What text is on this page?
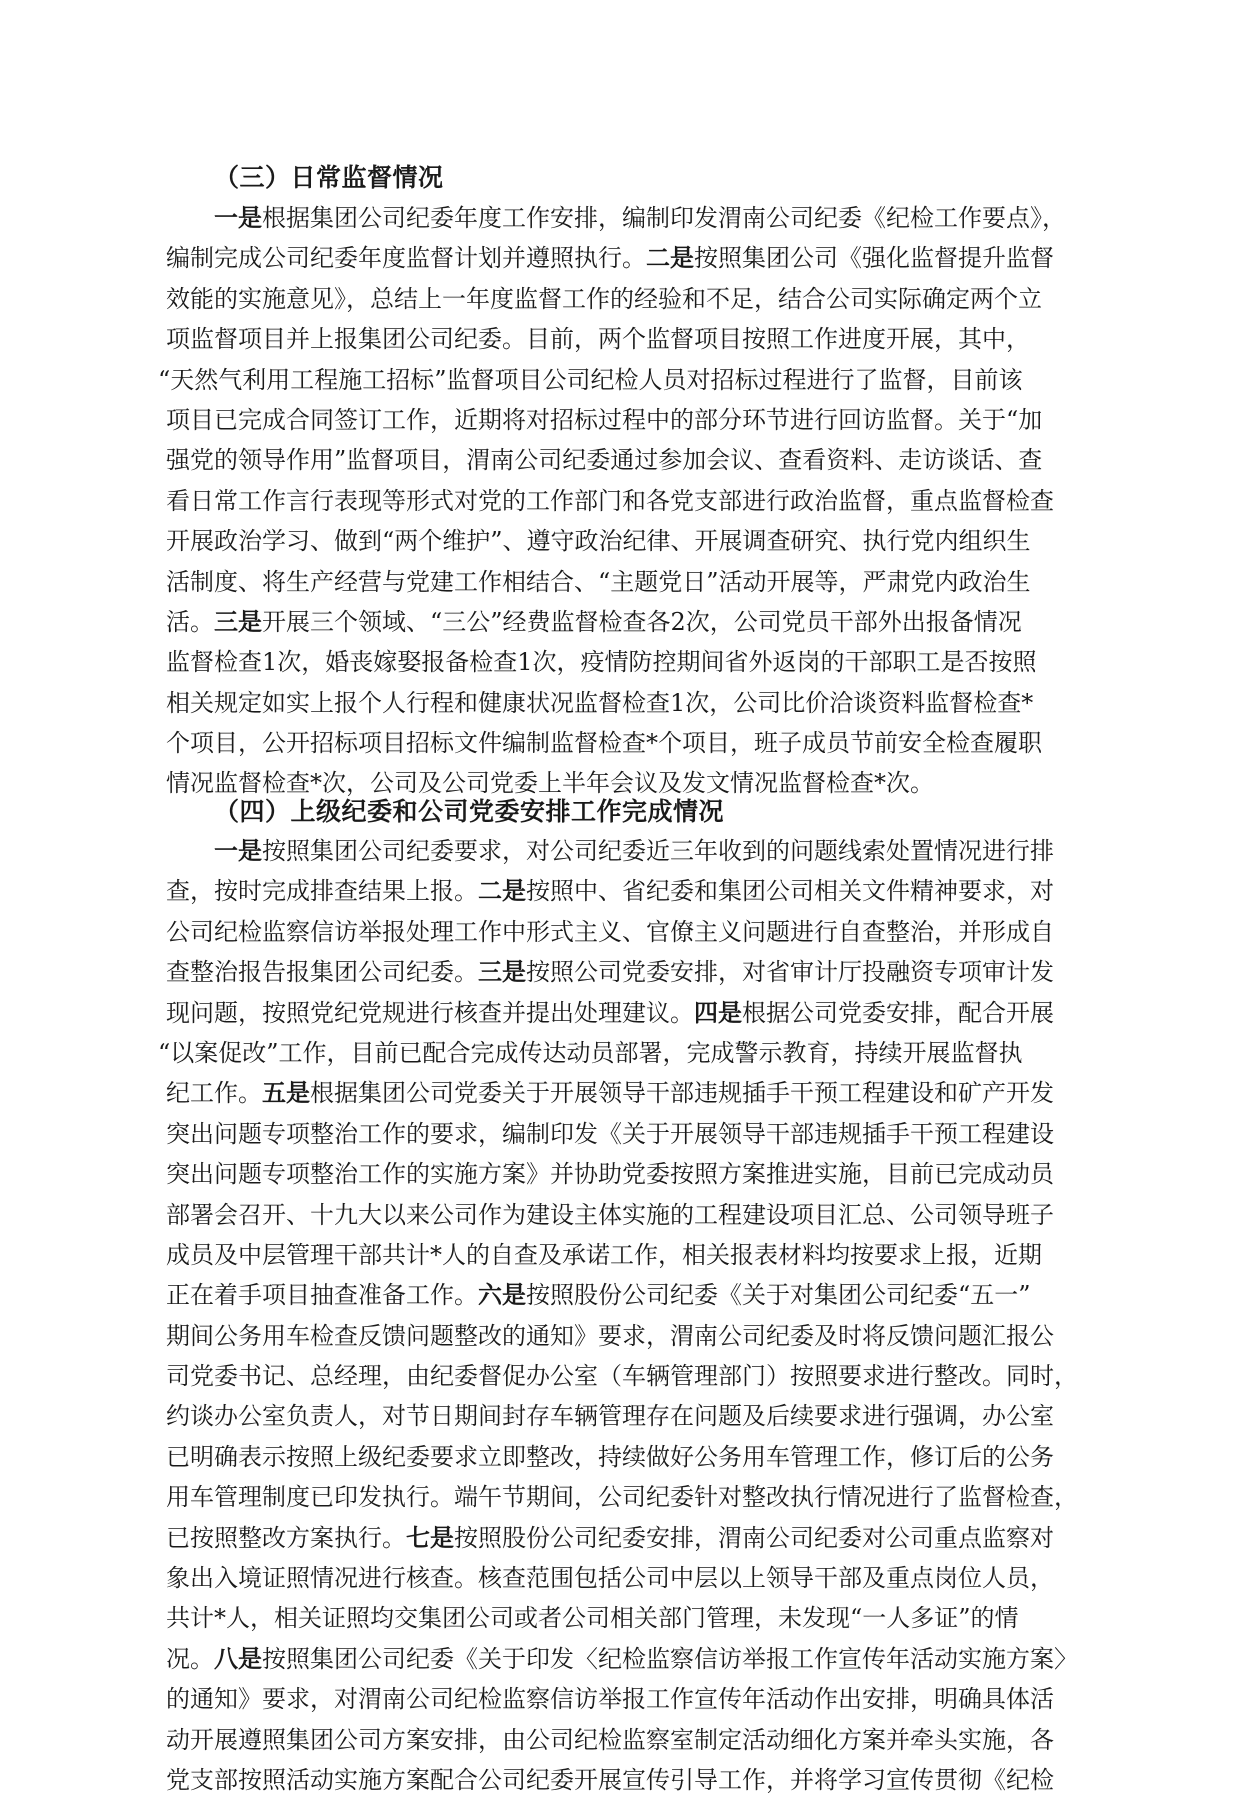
（三）日常监督情况
一是根据集团公司纪委年度工作安排，编制印发渭南公司纪委《纪检工作要点》，
编制完成公司纪委年度监督计划并遵照执行。二是按照集团公司《强化监督提升监督
效能的实施意见》，总结上一年度监督工作的经验和不足，结合公司实际确定两个立
项监督项目并上报集团公司纪委。目前，两个监督项目按照工作进度开展，其中，
“天然气利用工程施工招标”监督项目公司纪检人员对招标过程进行了监督，目前该
项目已完成合同签订工作，近期将对招标过程中的部分环节进行回访监督。关于“加
强党的领导作用”监督项目，渭南公司纪委通过参加会议、查看资料、走访谈话、查
看日常工作言行表现等形式对党的工作部门和各党支部进行政治监督，重点监督检查
开展政治学习、做到“两个维护”、遵守政治纪律、开展调查研究、执行党内组织生
活制度、将生产经营与党建工作相结合、“主题党日”活动开展等，严肃党内政治生
活。三是开展三个领域、“三公”经费监督检查各2次，公司党员干部外出报备情况
监督检查1次，婚丧嫁娶报备检查1次，疫情防控期间省外返岗的干部职工是否按照
相关规定如实上报个人行程和健康状况监督检查1次，公司比价洽谈资料监督检查*
个项目，公开招标项目招标文件编制监督检查*个项目，班子成员节前安全检查履职
情况监督检查*次，公司及公司党委上半年会议及发文情况监督检查*次。
（四）上级纪委和公司党委安排工作完成情况
一是按照集团公司纪委要求，对公司纪委近三年收到的问题线索处置情况进行排
查，按时完成排查结果上报。二是按照中、省纪委和集团公司相关文件精神要求，对
公司纪检监察信访举报处理工作中形式主义、官僚主义问题进行自查整治，并形成自
查整治报告报集团公司纪委。三是按照公司党委安排，对省审计厅投融资专项审计发
现问题，按照党纪党规进行核查并提出处理建议。四是根据公司党委安排，配合开展
“以案促改”工作，目前已配合完成传达动员部署，完成警示教育，持续开展监督执
纪工作。五是根据集团公司党委关于开展领导干部违规插手干预工程建设和矿产开发
突出问题专项整治工作的要求，编制印发《关于开展领导干部违规插手干预工程建设
突出问题专项整治工作的实施方案》并协助党委按照方案推进实施，目前已完成动员
部署会召开、十九大以来公司作为建设主体实施的工程建设项目汇总、公司领导班子
成员及中层管理干部共计*人的自查及承诺工作，相关报表材料均按要求上报，近期
正在着手项目抽查准备工作。六是按照股份公司纪委《关于对集团公司纪委“五一”
期间公务用车检查反馈问题整改的通知》要求，渭南公司纪委及时将反馈问题汇报公
司党委书记、总经理，由纪委督促办公室（车辆管理部门）按照要求进行整改。同时，
约谈办公室负责人，对节日期间封存车辆管理存在问题及后续要求进行强调，办公室
已明确表示按照上级纪委要求立即整改，持续做好公务用车管理工作，修订后的公务
用车管理制度已印发执行。端午节期间，公司纪委针对整改执行情况进行了监督检查，
已按照整改方案执行。七是按照股份公司纪委安排，渭南公司纪委对公司重点监察对
象出入境证照情况进行核查。核查范围包括公司中层以上领导干部及重点岗位人员，
共计*人，相关证照均交集团公司或者公司相关部门管理，未发现“一人多证”的情
况。八是按照集团公司纪委《关于印发〈纪检监察信访举报工作宣传年活动实施方案〉
的通知》要求，对渭南公司纪检监察信访举报工作宣传年活动作出安排，明确具体活
动开展遵照集团公司方案安排，由公司纪检监察室制定活动细化方案并牵头实施，各
党支部按照活动实施方案配合公司纪委开展宣传引导工作，并将学习宣传贯彻《纪检
